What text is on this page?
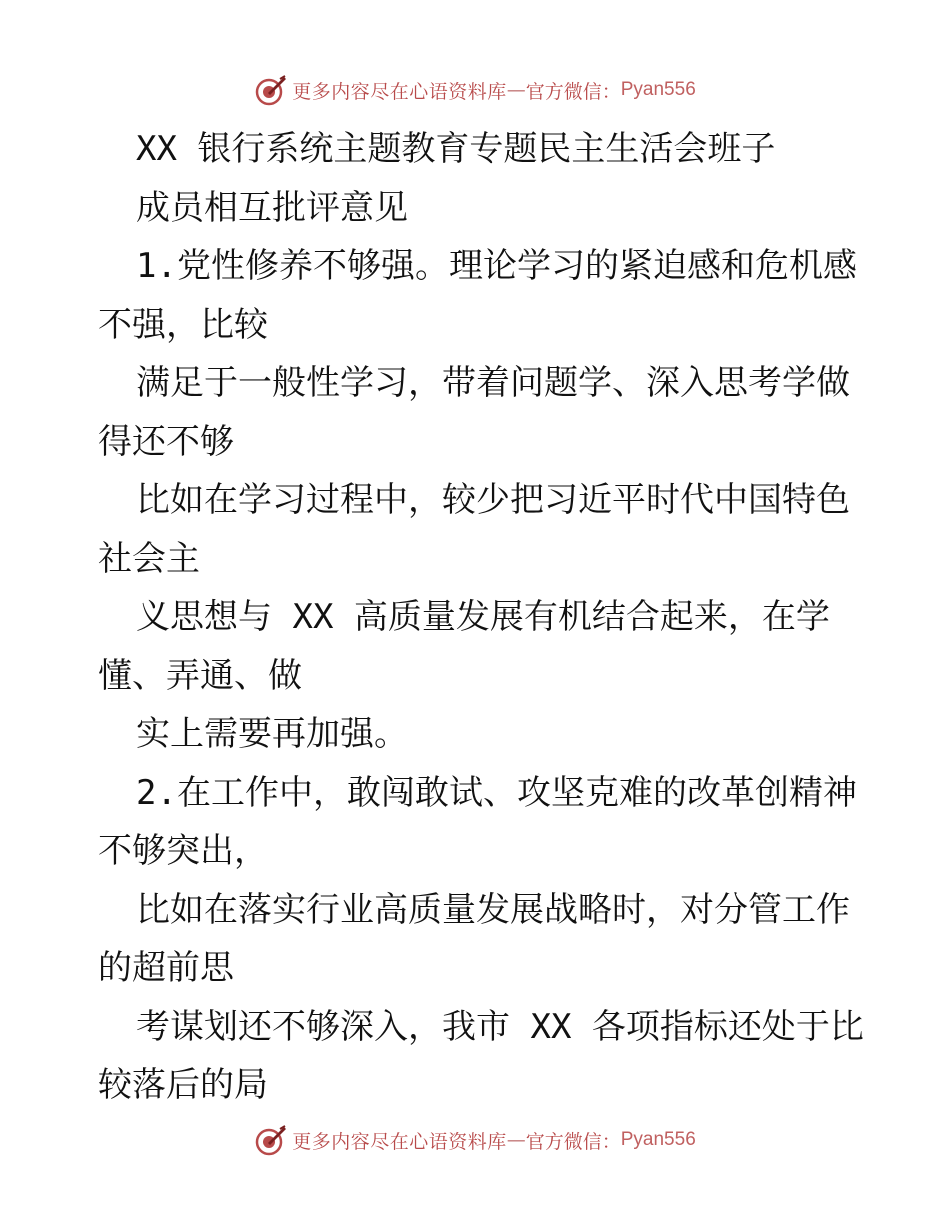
更多内容尽在心语资料库 — 官方微信： Pyan556
XX 银行系统主题教育专题民主生活会班子
成员相互批评意见
1.党性修养不够强。理论学习的紧迫感和危机感
不强，比较
满足于一般性学习，带着问题学、深入思考学做
得还不够
比如在学习过程中，较少把习近平时代中国特色
社会主
义思想与 XX 高质量发展有机结合起来，在学
懂、弄通、做
实上需要再加强。
2.在工作中，敢闯敢试、攻坚克难的改革创精神
不够突出，
比如在落实行业高质量发展战略时，对分管工作
的超前思
考谋划还不够深入，我市 XX 各项指标还处于比
较落后的局
更多内容尽在心语资料库 — 官方微信： Pyan556
